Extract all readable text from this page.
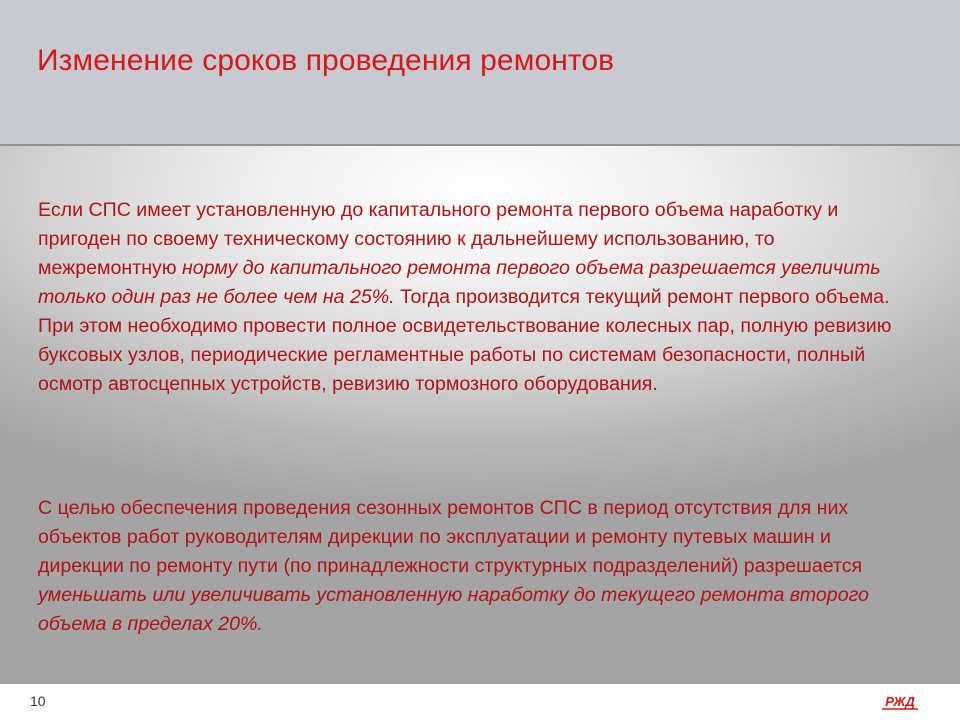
Изменение сроков проведения ремонтов

Если СПС имеет установленную до капитального ремонта первого объема наработку и пригоден по своему техническому состоянию к дальнейшему использованию, то межремонтную норму до капитального ремонта первого объема разрешается увеличить только один раз не более чем на 25%. Тогда производится текущий ремонт первого объема. При этом необходимо провести полное освидетельствование колесных пар, полную ревизию буксовых узлов, периодические регламентные работы по системам безопасности, полный осмотр автосцепных устройств, ревизию тормозного оборудования.

С целью обеспечения проведения сезонных ремонтов СПС в период отсутствия для них объектов работ руководителям дирекции по эксплуатации и ремонту путевых машин и дирекции по ремонту пути (по принадлежности структурных подразделений) разрешается уменьшать или увеличивать установленную наработку до текущего ремонта второго объема в пределах 20%.

10	РЖД
